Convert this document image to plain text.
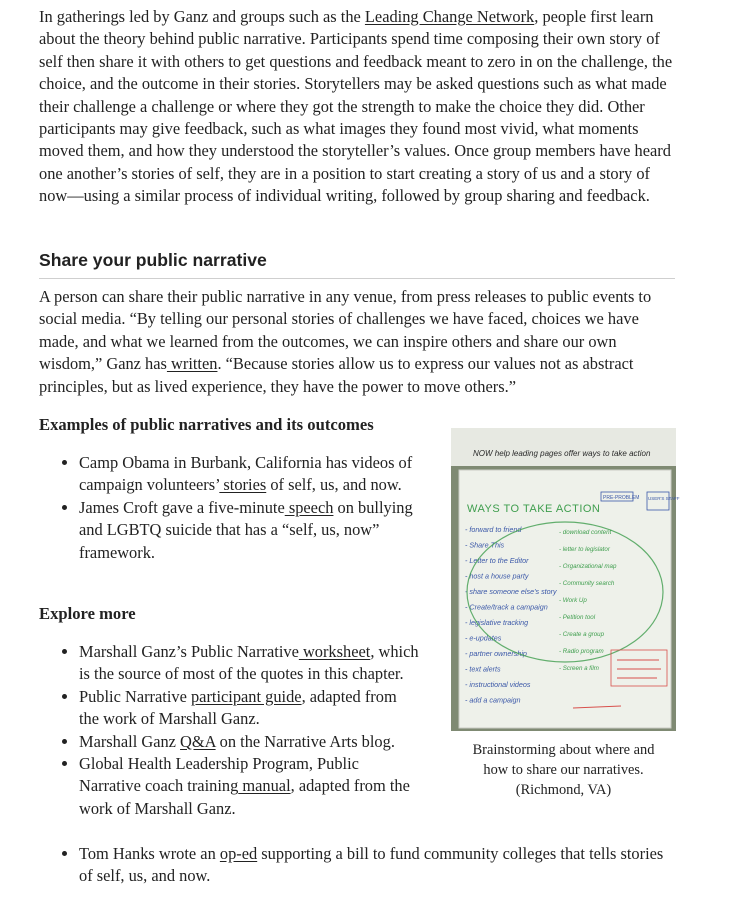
In gatherings led by Ganz and groups such as the Leading Change Network, people first learn about the theory behind public narrative. Participants spend time composing their own story of self then share it with others to get questions and feedback meant to zero in on the challenge, the choice, and the outcome in their stories. Storytellers may be asked questions such as what made their challenge a challenge or where they got the strength to make the choice they did. Other participants may give feedback, such as what images they found most vivid, what moments moved them, and how they understood the storyteller’s values. Once group members have heard one another’s stories of self, they are in a position to start creating a story of us and a story of now—using a similar process of individual writing, followed by group sharing and feedback.

Share your public narrative

A person can share their public narrative in any venue, from press releases to public events to social media. “By telling our personal stories of challenges we have faced, choices we have made, and what we learned from the outcomes, we can inspire others and share our own wisdom,” Ganz has written. “Because stories allow us to express our values not as abstract principles, but as lived experience, they have the power to move others.”

Examples of public narratives and its outcomes
• Camp Obama in Burbank, California has videos of campaign volunteers’ stories of self, us, and now.
• James Croft gave a five-minute speech on bullying and LGBTQ suicide that has a “self, us, now” framework.
Explore more
• Marshall Ganz’s Public Narrative worksheet, which is the source of most of the quotes in this chapter.
• Public Narrative participant guide, adapted from the work of Marshall Ganz.
• Marshall Ganz Q&A on the Narrative Arts blog.
• Global Health Leadership Program, Public Narrative coach training manual, adapted from the work of Marshall Ganz.
• Tom Hanks wrote an op-ed supporting a bill to fund community colleges that tells stories of self, us, and now.
NOW help leading pages offer ways to take action
WAYS TO TAKE ACTION
PRE-PROBLEM USER'S STAFF
- forward to friend
- Share This
- Letter to the Editor
- host a house party
- share someone else's story
- Create/track a campaign
- legislative tracking
- e-updates
- partner ownership
- text alerts
- instructional videos
- add a campaign
- download content
- letter to legislator
- Organizational map
- Community search
- Work Up
- Petition tool
- Create a group
- Radio program
- Screen a film
Brainstorming about where and
how to share our narratives.
(Richmond, VA)
